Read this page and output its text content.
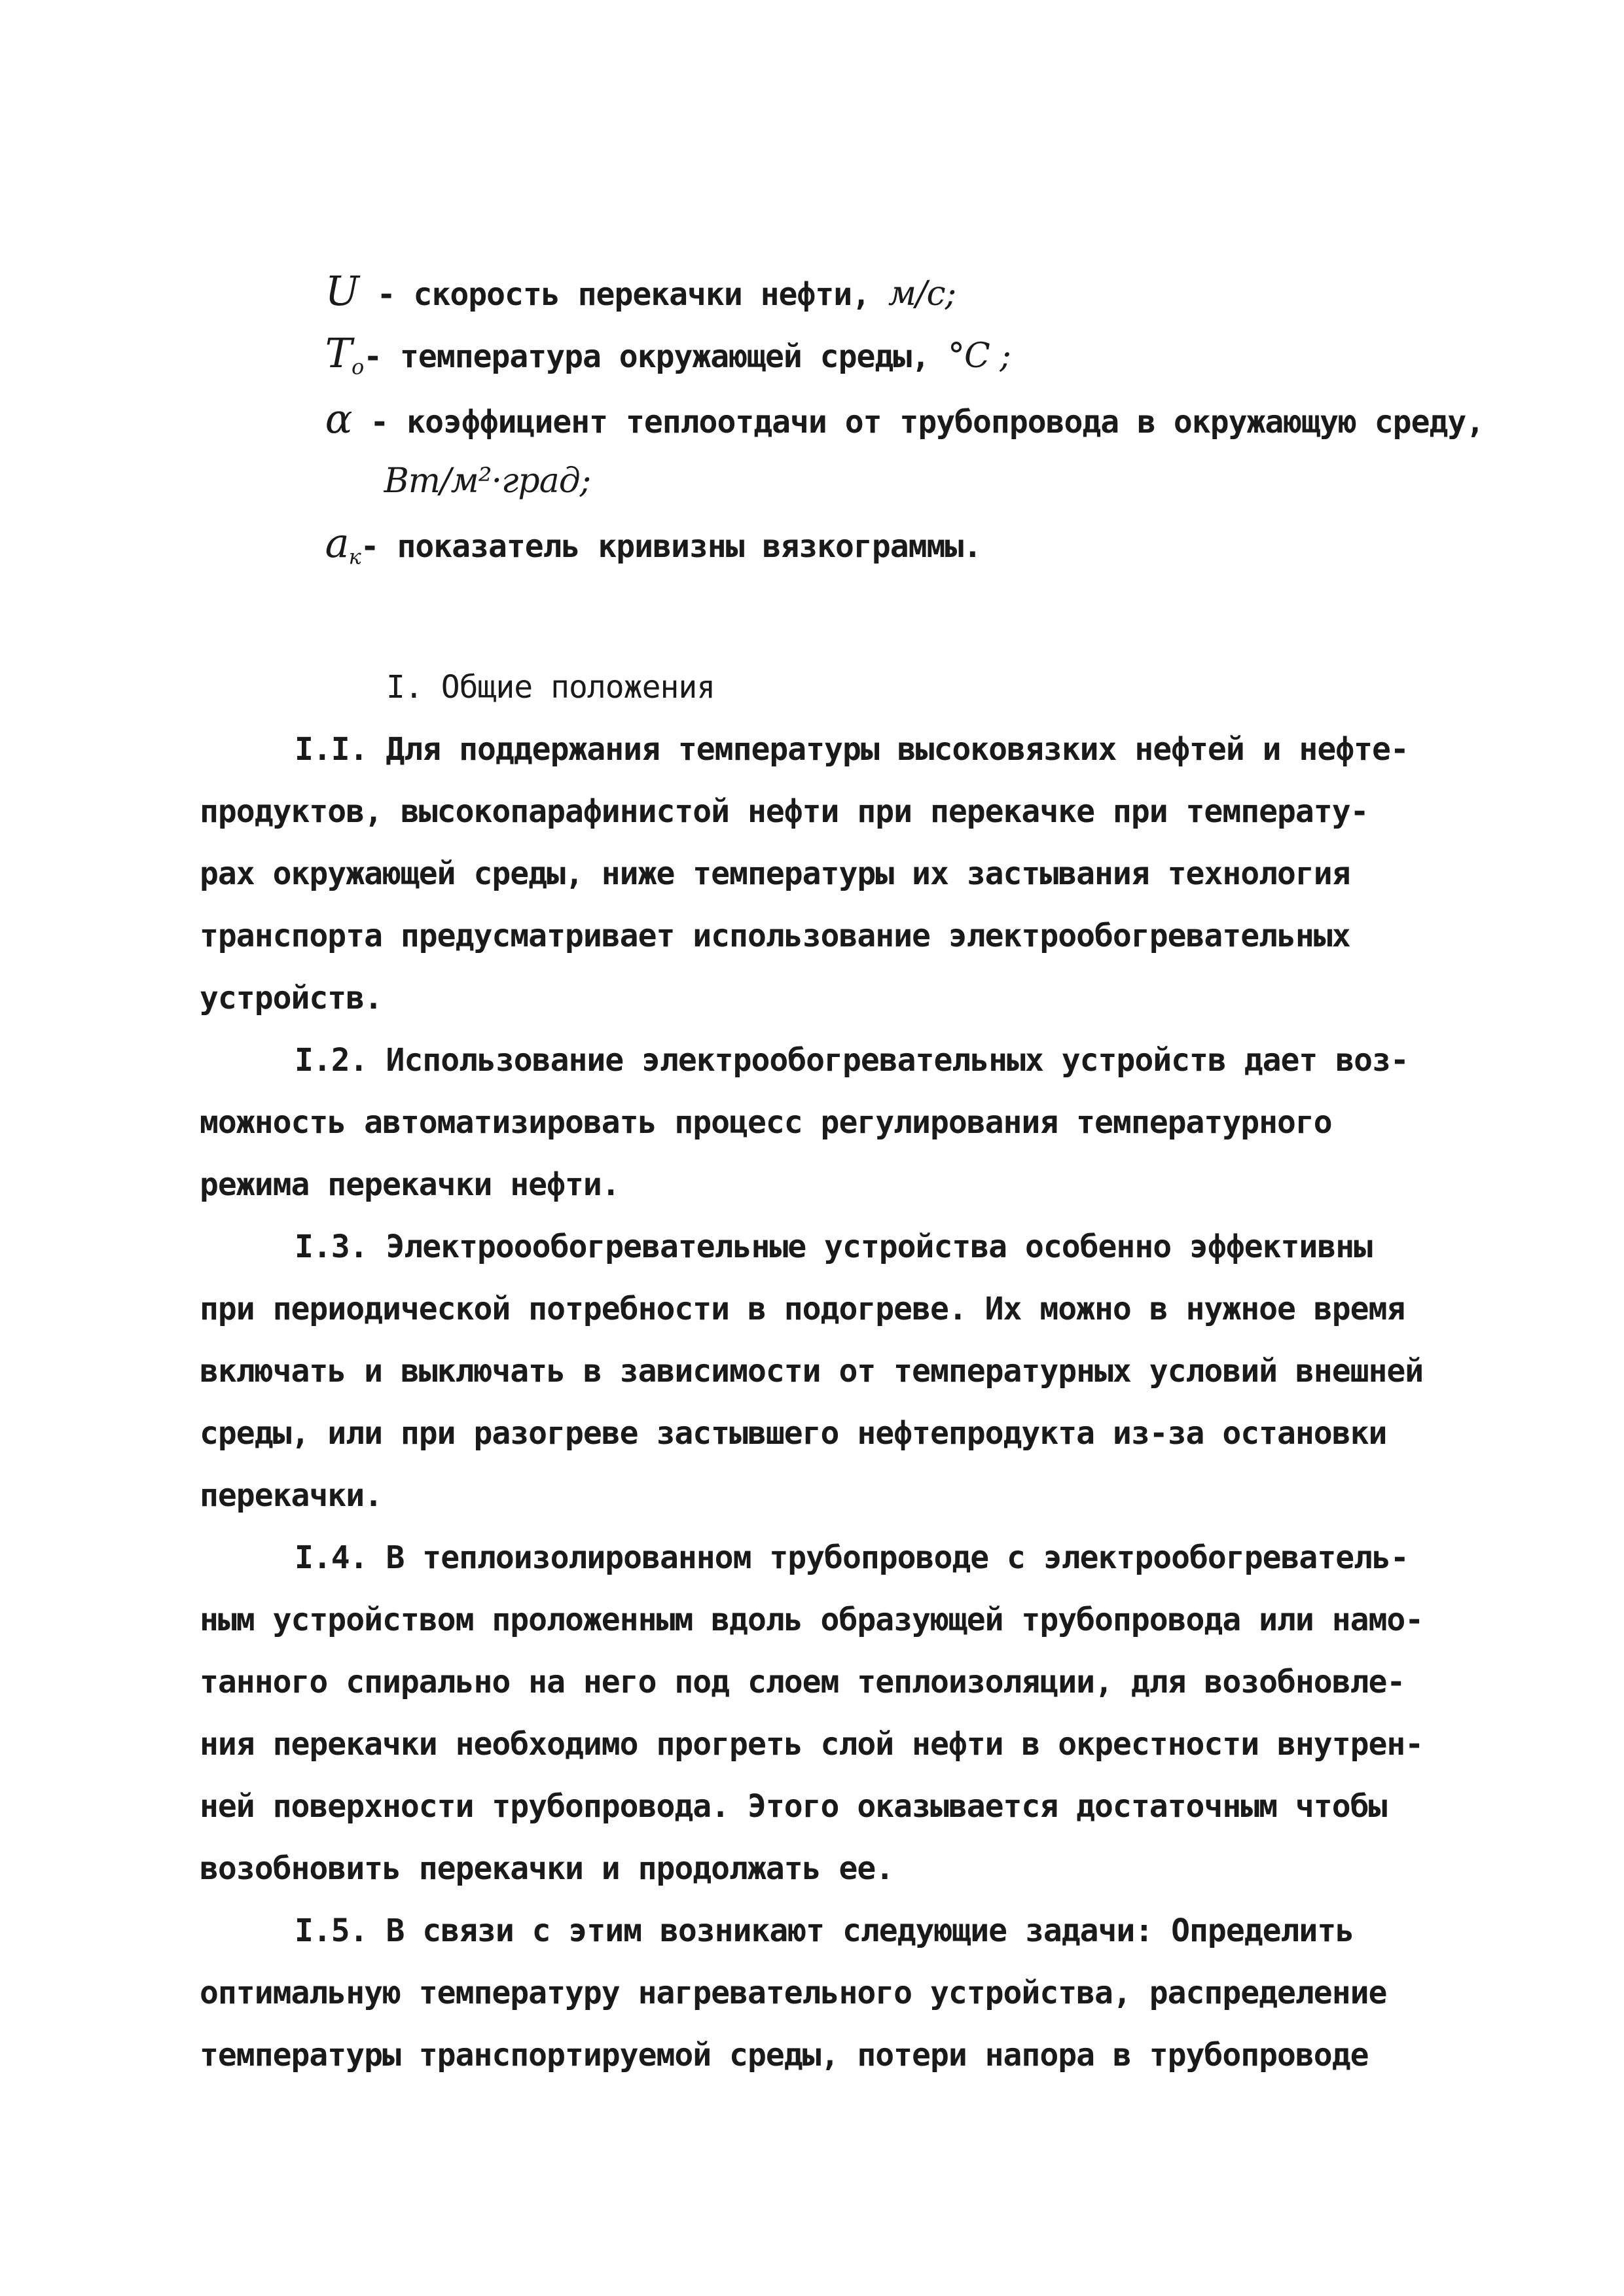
U - скорость перекачки нефти, м/с;

$T_o-$ температура окружающей среды, °С ;

α - коэффициент теплоотдачи от трубопровода в окружающую среду,

Вт/м²·град;

$a_к-$ показатель кривизны вязкограммы.

I. Общие положения
I.I. Для поддержания температуры высоковязких нефтей и нефте-
продуктов, высокопарафинистой нефти при перекачке при температу-
рах окружающей среды, ниже температуры их застывания технология
транспорта предусматривает использование электрообогревательных
устройств.
I.2. Использование электрообогревательных устройств дает воз-
можность автоматизировать процесс регулирования температурного
режима перекачки нефти.
I.3. Электроообогревательные устройства особенно эффективны
при периодической потребности в подогреве. Их можно в нужное время
включать и выключать в зависимости от температурных условий внешней
среды, или при разогреве застывшего нефтепродукта из-за остановки
перекачки.
I.4. В теплоизолированном трубопроводе с электрообогреватель-
ным устройством проложенным вдоль образующей трубопровода или намо-
танного спирально на него под слоем теплоизоляции, для возобновле-
ния перекачки необходимо прогреть слой нефти в окрестности внутрен-
ней поверхности трубопровода. Этого оказывается достаточным чтобы
возобновить перекачки и продолжать ее.
I.5. В связи с этим возникают следующие задачи: Определить
оптимальную температуру нагревательного устройства, распределение
температуры транспортируемой среды, потери напора в трубопроводе
